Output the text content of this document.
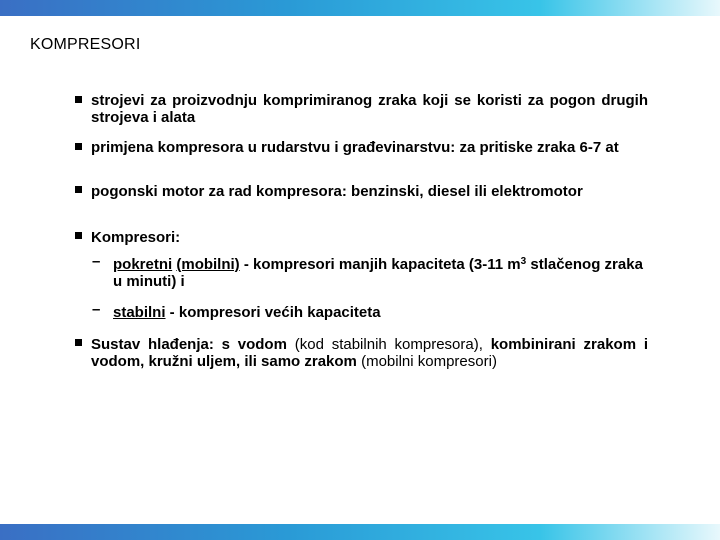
KOMPRESORI
strojevi za proizvodnju komprimiranog zraka koji se koristi za pogon drugih strojeva i alata
primjena kompresora u rudarstvu i građevinarstvu: za pritiske zraka 6-7 at
pogonski motor za rad kompresora: benzinski, diesel ili elektromotor
Kompresori:
– pokretni (mobilni) - kompresori manjih kapaciteta (3-11 $m^3$ stlačenog zraka u minuti) i
– stabilni - kompresori većih kapaciteta
Sustav hlađenja: s vodom (kod stabilnih kompresora), kombinirani zrakom i vodom, kružni uljem, ili samo zrakom (mobilni kompresori)
